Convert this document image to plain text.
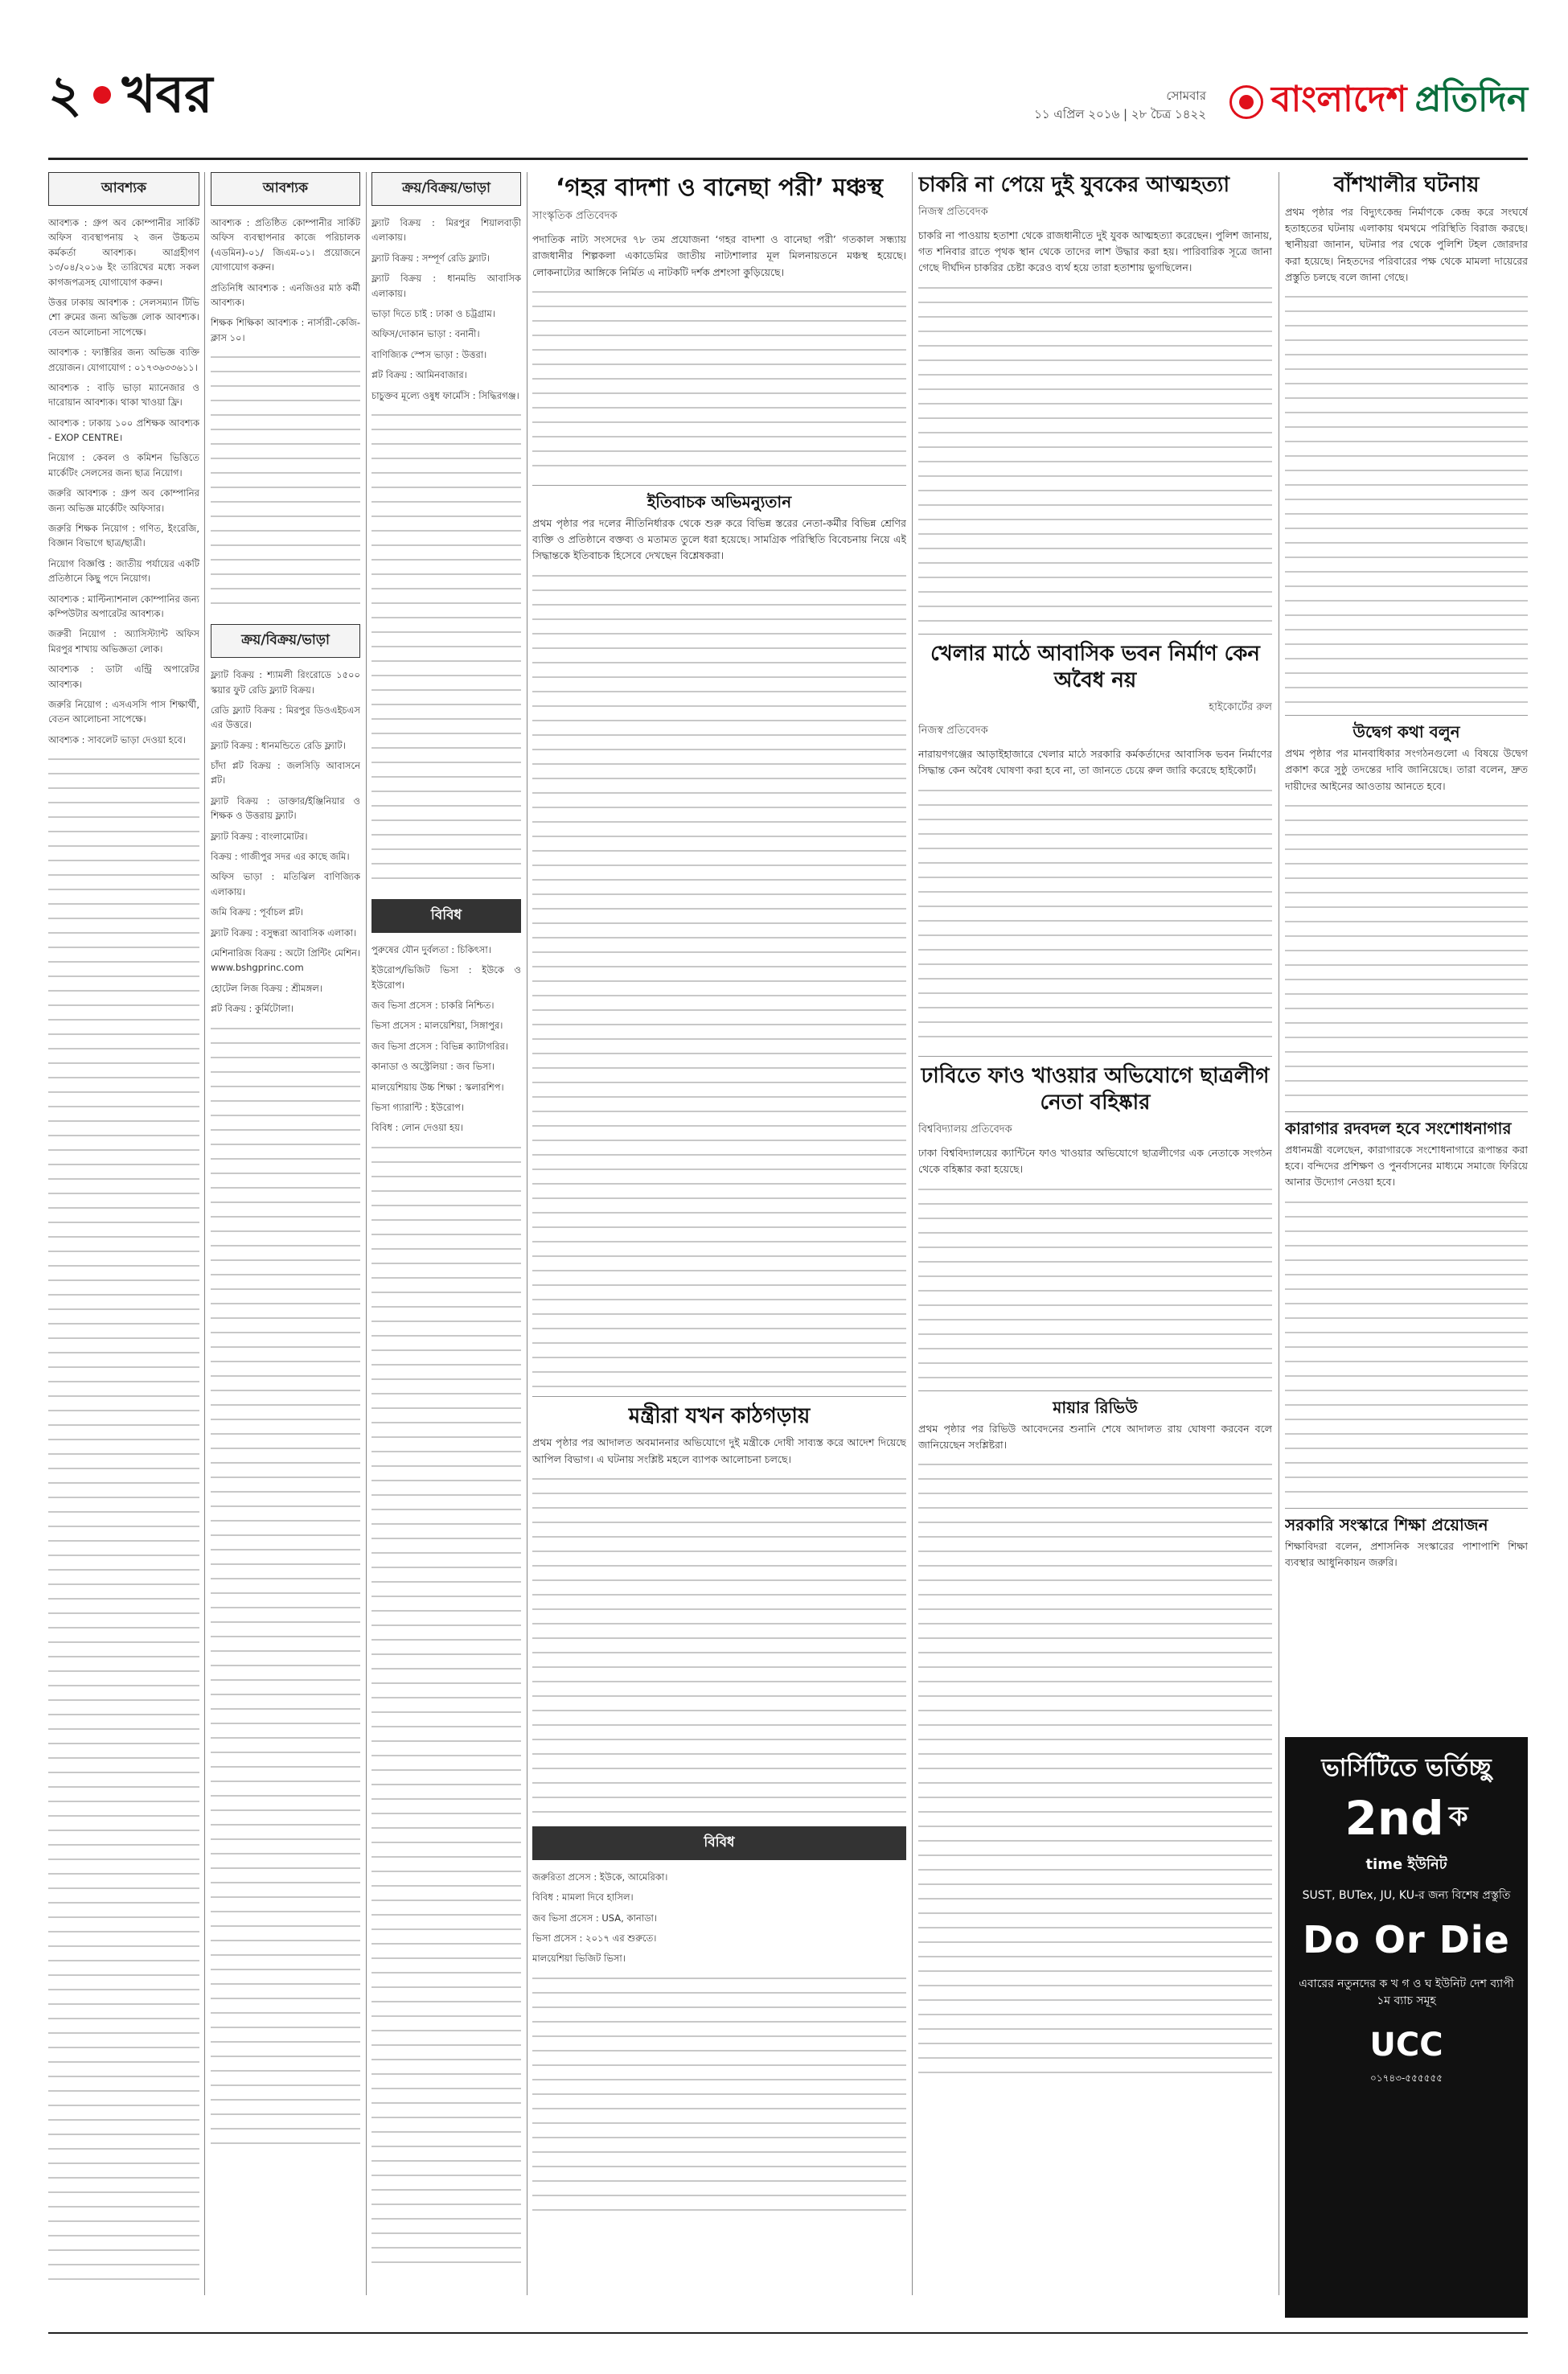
২ খবর	সোমবার
১১ এপ্রিল ২০১৬ | ২৮ চৈত্র ১৪২২ বাংলাদেশ প্রতিদিন
আবশ্যক
আবশ্যক : গ্রুপ অব কোম্পানীর সার্কিট অফিস ব্যবস্থাপনায় ২ জন উচ্চতম কর্মকর্তা আবশ্যক। আগ্রহীগণ ১৩/০৪/২০১৬ ইং তারিখের মধ্যে সকল কাগজপত্রসহ যোগাযোগ করুন।
উত্তর ঢাকায় আবশ্যক : সেলসম্যান টিভি শো রুমের জন্য অভিজ্ঞ লোক আবশ্যক। বেতন আলোচনা সাপেক্ষে।
আবশ্যক : ফ্যাক্টরির জন্য অভিজ্ঞ ব্যক্তি প্রয়োজন। যোগাযোগ : ০১৭৩৬৩৩৬১১।
আবশ্যক : বাড়ি ভাড়া ম্যানেজার ও দারোয়ান আবশ্যক। থাকা খাওয়া ফ্রি।
আবশ্যক : ঢাকায় ১০০ প্রশিক্ষক আবশ্যক - EXOP CENTRE।
নিয়োগ : কেবল ও কমিশন ভিত্তিতে মার্কেটিং সেলসের জন্য ছাত্র নিয়োগ।
জরুরি আবশ্যক : গ্রুপ অব কোম্পানির জন্য অভিজ্ঞ মার্কেটিং অফিসার।
জরুরি শিক্ষক নিয়োগ : গণিত, ইংরেজি, বিজ্ঞান বিভাগে ছাত্র/ছাত্রী।
নিয়োগ বিজ্ঞপ্তি : জাতীয় পর্যায়ের একটি প্রতিষ্ঠানে কিছু পদে নিয়োগ।
আবশ্যক : মাল্টিন্যাশনাল কোম্পানির জন্য কম্পিউটার অপারেটর আবশ্যক।
জরুরী নিয়োগ : অ্যাসিস্ট্যান্ট অফিস মিরপুর শাখায় অভিজ্ঞতা লোক।
আবশ্যক : ডাটা এন্ট্রি অপারেটর আবশ্যক।
জরুরি নিয়োগ : এসএসসি পাস শিক্ষার্থী, বেতন আলোচনা সাপেক্ষে।
আবশ্যক : সাবলেট ভাড়া দেওয়া হবে।
আবশ্যক
আবশ্যক : প্রতিষ্ঠিত কোম্পানীর সার্কিট অফিস ব্যবস্থাপনার কাজে পরিচালক (এডমিন)-০১/ জিএম-০১। প্রয়োজনে যোগাযোগ করুন।
প্রতিনিধি আবশ্যক : এনজিওর মাঠ কর্মী আবশ্যক।
শিক্ষক শিক্ষিকা আবশ্যক : নার্সারী-কেজি-ক্লাস ১০।
ক্রয়/বিক্রয়/ভাড়া
ফ্ল্যাট বিক্রয় : শ্যামলী রিংরোডে ১৫০০ স্কয়ার ফুট রেডি ফ্ল্যাট বিক্রয়।
রেডি ফ্ল্যাট বিক্রয় : মিরপুর ডিওএইচএস এর উত্তরে।
ফ্ল্যাট বিক্রয় : ধানমন্ডিতে রেডি ফ্ল্যাট।
চাঁদা প্লট বিক্রয় : জলসিড়ি আবাসনে প্লট।
ফ্ল্যাট বিক্রয় : ডাক্তার/ইঞ্জিনিয়ার ও শিক্ষক ও উত্তরায় ফ্ল্যাট।
ফ্ল্যাট বিক্রয় : বাংলামোটর।
বিক্রয় : গাজীপুর সদর এর কাছে জমি।
অফিস ভাড়া : মতিঝিল বাণিজ্যিক এলাকায়।
জমি বিক্রয় : পূর্বাচল প্লট।
ফ্ল্যাট বিক্রয় : বসুন্ধরা আবাসিক এলাকা।
মেশিনারিজ বিক্রয় : অটো প্রিন্টিং মেশিন। www.bshgprinc.com
হোটেল লিজ বিক্রয় : শ্রীমঙ্গল।
প্লট বিক্রয় : কুর্মিটোলা।
ক্রয়/বিক্রয়/ভাড়া
ফ্ল্যাট বিক্রয় : মিরপুর শিয়ালবাড়ী এলাকায়।
ফ্ল্যাট বিক্রয় : সম্পূর্ণ রেডি ফ্ল্যাট।
ফ্ল্যাট বিক্রয় : ধানমন্ডি আবাসিক এলাকায়।
ভাড়া দিতে চাই : ঢাকা ও চট্রগ্রাম।
অফিস/দোকান ভাড়া : বনানী।
বাণিজ্যিক স্পেস ভাড়া : উত্তরা।
প্লট বিক্রয় : আমিনবাজার।
চাচুক্তব মূল্যে ওষুধ ফার্মেসি : সিদ্ধিরগঞ্জ।
বিবিধ
পুরুষের যৌন দুর্বলতা : চিকিৎসা।
ইউরোপ/ভিজিট ভিসা : ইউকে ও ইউরোপ।
জব ভিসা প্রসেস : চাকরি নিশ্চিত।
ভিসা প্রসেস : মালয়েশিয়া, সিঙ্গাপুর।
জব ভিসা প্রসেস : বিভিন্ন ক্যাটাগরির।
কানাডা ও অস্ট্রেলিয়া : জব ভিসা।
মালয়েশিয়ায় উচ্চ শিক্ষা : স্কলারশিপ।
ভিসা গ্যারান্টি : ইউরোপ।
বিবিধ : লোন দেওয়া হয়।
‘গহর বাদশা ও বানেছা পরী’ মঞ্চস্থ
সাংস্কৃতিক প্রতিবেদক
পদাতিক নাট্য সংসদের ৭৮ তম প্রযোজনা ‘গহর বাদশা ও বানেছা পরী’ গতকাল সন্ধ্যায় রাজধানীর শিল্পকলা একাডেমির জাতীয় নাট্যশালার মূল মিলনায়তনে মঞ্চস্থ হয়েছে। লোকনাট্যের আঙ্গিকে নির্মিত এ নাটকটি দর্শক প্রশংসা কুড়িয়েছে।
ইতিবাচক অভিমন্যুতান
প্রথম পৃষ্ঠার পর দলের নীতিনির্ধারক থেকে শুরু করে বিভিন্ন স্তরের নেতা-কর্মীর বিভিন্ন শ্রেণির ব্যক্তি ও প্রতিষ্ঠানে বক্তব্য ও মতামত তুলে ধরা হয়েছে। সামগ্রিক পরিস্থিতি বিবেচনায় নিয়ে এই সিদ্ধান্তকে ইতিবাচক হিসেবে দেখছেন বিশ্লেষকরা।
মন্ত্রীরা যখন কাঠগড়ায়
প্রথম পৃষ্ঠার পর আদালত অবমাননার অভিযোগে দুই মন্ত্রীকে দোষী সাব্যস্ত করে আদেশ দিয়েছে আপিল বিভাগ। এ ঘটনায় সংশ্লিষ্ট মহলে ব্যাপক আলোচনা চলছে।
বিবিধ
জরুরিতা প্রসেস : ইউকে, আমেরিকা।
বিবিধ : মামলা দিবে হাসিল।
জব ভিসা প্রসেস : USA, কানাডা।
ভিসা প্রসেস : ২০১৭ এর শুরুতে।
মালয়েশিয়া ভিজিট ভিসা।
চাকরি না পেয়ে দুই যুবকের আত্মহত্যা
নিজস্ব প্রতিবেদক
চাকরি না পাওয়ায় হতাশা থেকে রাজধানীতে দুই যুবক আত্মহত্যা করেছেন। পুলিশ জানায়, গত শনিবার রাতে পৃথক স্থান থেকে তাদের লাশ উদ্ধার করা হয়। পারিবারিক সূত্রে জানা গেছে দীর্ঘদিন চাকরির চেষ্টা করেও ব্যর্থ হয়ে তারা হতাশায় ভুগছিলেন।
খেলার মাঠে আবাসিক ভবন নির্মাণ কেন অবৈধ নয়
হাইকোর্টের রুল
নিজস্ব প্রতিবেদক
নারায়ণগঞ্জের আড়াইহাজারে খেলার মাঠে সরকারি কর্মকর্তাদের আবাসিক ভবন নির্মাণের সিদ্ধান্ত কেন অবৈধ ঘোষণা করা হবে না, তা জানতে চেয়ে রুল জারি করেছে হাইকোর্ট।
ঢাবিতে ফাও খাওয়ার অভিযোগে ছাত্রলীগ নেতা বহিষ্কার
বিশ্ববিদ্যালয় প্রতিবেদক
ঢাকা বিশ্ববিদ্যালয়ের ক্যান্টিনে ফাও খাওয়ার অভিযোগে ছাত্রলীগের এক নেতাকে সংগঠন থেকে বহিষ্কার করা হয়েছে।
মায়ার রিভিউ
প্রথম পৃষ্ঠার পর রিভিউ আবেদনের শুনানি শেষে আদালত রায় ঘোষণা করবেন বলে জানিয়েছেন সংশ্লিষ্টরা।
বাঁশখালীর ঘটনায়
প্রথম পৃষ্ঠার পর বিদ্যুৎকেন্দ্র নির্মাণকে কেন্দ্র করে সংঘর্ষে হতাহতের ঘটনায় এলাকায় থমথমে পরিস্থিতি বিরাজ করছে। স্থানীয়রা জানান, ঘটনার পর থেকে পুলিশি টহল জোরদার করা হয়েছে। নিহতদের পরিবারের পক্ষ থেকে মামলা দায়েরের প্রস্তুতি চলছে বলে জানা গেছে।
উদ্বেগ কথা বলুন
প্রথম পৃষ্ঠার পর মানবাধিকার সংগঠনগুলো এ বিষয়ে উদ্বেগ প্রকাশ করে সুষ্ঠু তদন্তের দাবি জানিয়েছে। তারা বলেন, দ্রুত দায়ীদের আইনের আওতায় আনতে হবে।
কারাগার রদবদল হবে সংশোধনাগার
প্রধানমন্ত্রী বলেছেন, কারাগারকে সংশোধনাগারে রূপান্তর করা হবে। বন্দিদের প্রশিক্ষণ ও পুনর্বাসনের মাধ্যমে সমাজে ফিরিয়ে আনার উদ্যোগ নেওয়া হবে।
সরকারি সংস্কারে শিক্ষা প্রয়োজন
শিক্ষাবিদরা বলেন, প্রশাসনিক সংস্কারের পাশাপাশি শিক্ষা ব্যবস্থার আধুনিকায়ন জরুরি।
ভার্সিটিতে ভর্তিচ্ছু
2nd ক
time ইউনিট
SUST, BUTex, JU, KU-র জন্য বিশেষ প্রস্তুতি
Do Or Die
এবারের নতুনদের ক খ গ ও ঘ ইউনিট দেশ ব্যাপী ১ম ব্যাচ সমূহ
UCC
০১৭৪৩-৫৫৫৫৫৫
